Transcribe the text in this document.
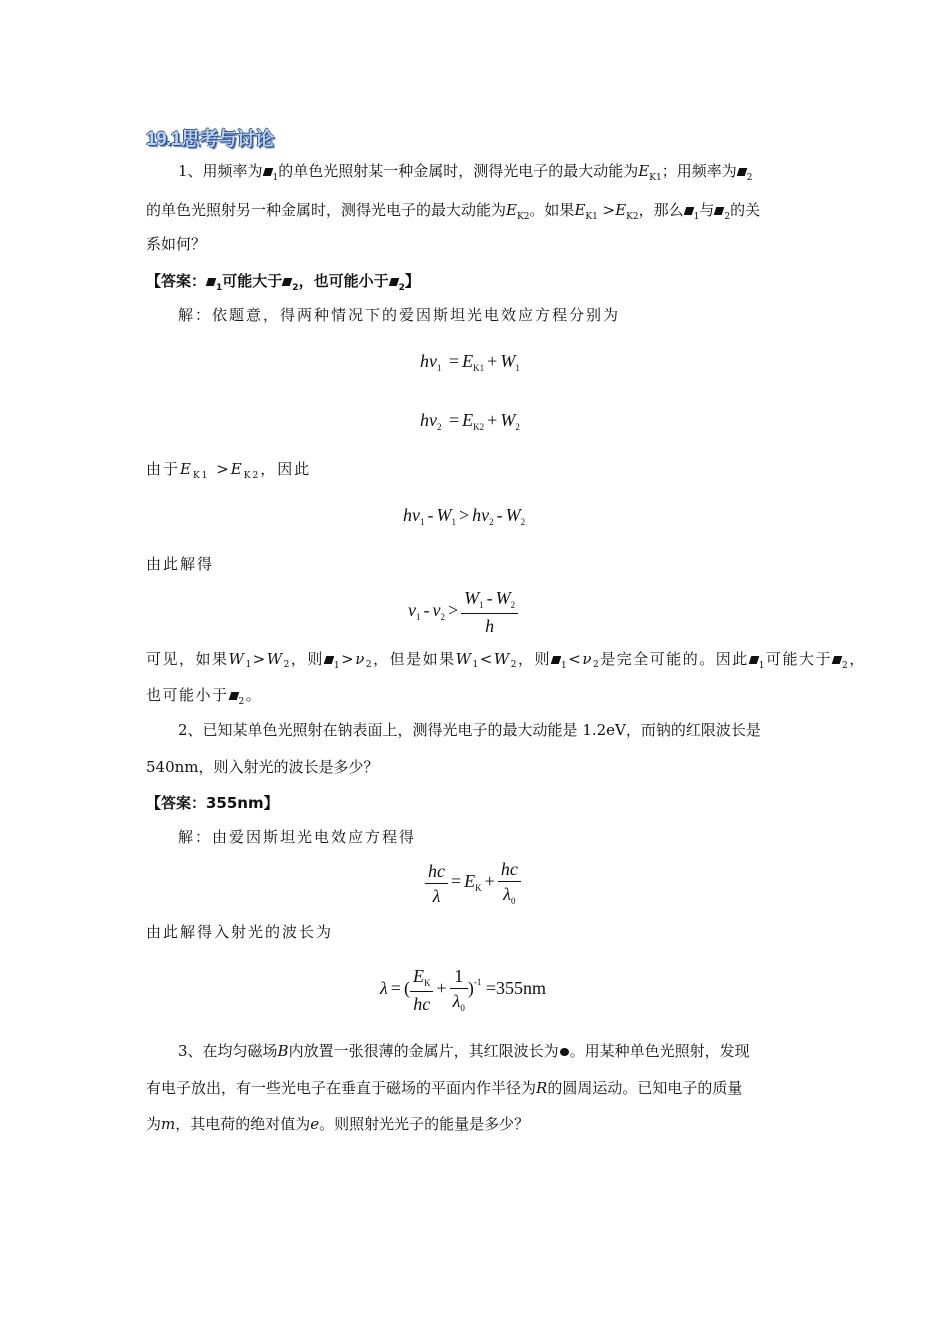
19.1思考与讨论
1、用频率为 $_1$的单色光照射某一种金属时，测得光电子的最大动能为$E_{K1}$；用频率为 $_2$
的单色光照射另一种金属时，测得光电子的最大动能为$E_{K2}$。如果$E_{K1} >E_{K2}$，那么 $_1$与 $_2$的关
系如何？
【答案： $_1$可能大于 $_2$，也可能小于 $_2$】
解：依题意，得两种情况下的爱因斯坦光电效应方程分别为
$h\nu_1 = E_{K1} + W_1$
$h\nu_2 = E_{K2} + W_2$
由于$E_{K1} >E_{K2}$，因此
$h\nu_1 - W_1 > h\nu_2 - W_2$
由此解得
$\nu_1 - \nu_2 > \frac{W_1 - W_2}{h}$
可见，如果$W_1>W_2$，则 $_1>\nu_2$，但是如果$W_1<W_2$，则 $_1<\nu_2$是完全可能的。因此 $_1$可能大于 $_2$，
也可能小于 $_2$。
2、已知某单色光照射在钠表面上，测得光电子的最大动能是 1.2eV，而钠的红限波长是
540nm，则入射光的波长是多少？
【答案：355nm】
解：由爱因斯坦光电效应方程得
$\frac{hc}{\lambda} = E_K + \frac{hc}{\lambda_0}$
由此解得入射光的波长为
λ = ( $\frac{E_K}{hc} + \frac{1}{\lambda_0} )^{-1} =355nm$
3、在均匀磁场B内放置一张很薄的金属片，其红限波长为 。用某种单色光照射，发现
有电子放出，有一些光电子在垂直于磁场的平面内作半径为R的圆周运动。已知电子的质量
为m，其电荷的绝对值为e。则照射光光子的能量是多少？
